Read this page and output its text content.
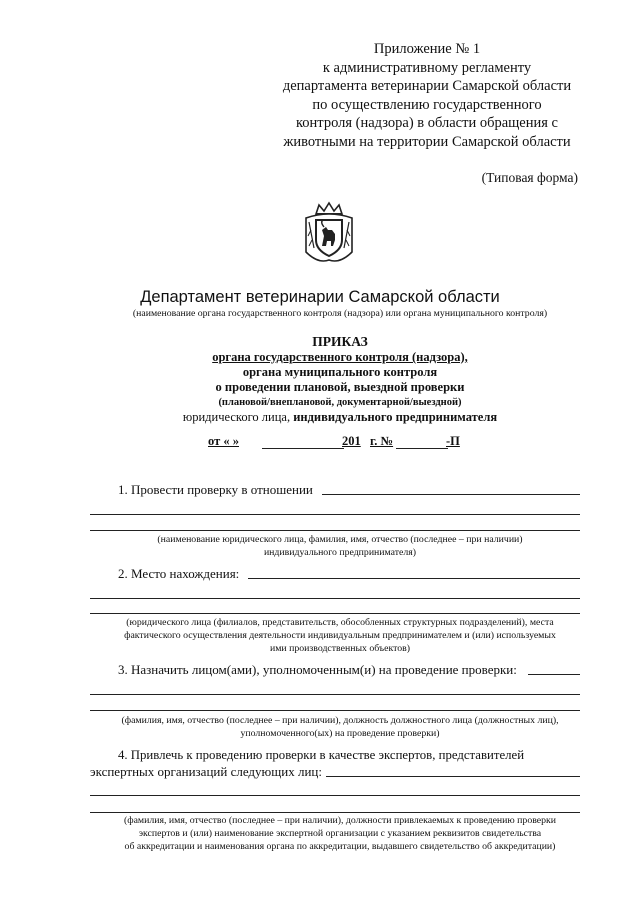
Приложение № 1
к административному регламенту
департамента ветеринарии Самарской области
по осуществлению государственного
контроля (надзора) в области обращения с
животными на территории Самарской области
(Типовая форма)
Департамент ветеринарии Самарской области
(наименование органа государственного контроля (надзора) или органа муниципального контроля)
ПРИКАЗ
органа государственного контроля (надзора),
органа муниципального контроля
о проведении плановой, выездной проверки
(плановой/внеплановой, документарной/выездной)
юридического лица, индивидуального предпринимателя
от « »	201 г. №	-П
1. Провести проверку в отношении
(наименование юридического лица, фамилия, имя, отчество (последнее – при наличии)
индивидуального предпринимателя)
2. Место нахождения:
(юридического лица (филиалов, представительств, обособленных структурных подразделений), места
фактического осуществления деятельности индивидуальным предпринимателем и (или) используемых
ими производственных объектов)
3. Назначить лицом(ами), уполномоченным(и) на проведение проверки:
(фамилия, имя, отчество (последнее – при наличии), должность должностного лица (должностных лиц),
уполномоченного(ых) на проведение проверки)
4. Привлечь к проведению проверки в качестве экспертов, представителей
экспертных организаций следующих лиц:
(фамилия, имя, отчество (последнее – при наличии), должности привлекаемых к проведению проверки
экспертов и (или) наименование экспертной организации с указанием реквизитов свидетельства
об аккредитации и наименования органа по аккредитации, выдавшего свидетельство об аккредитации)
